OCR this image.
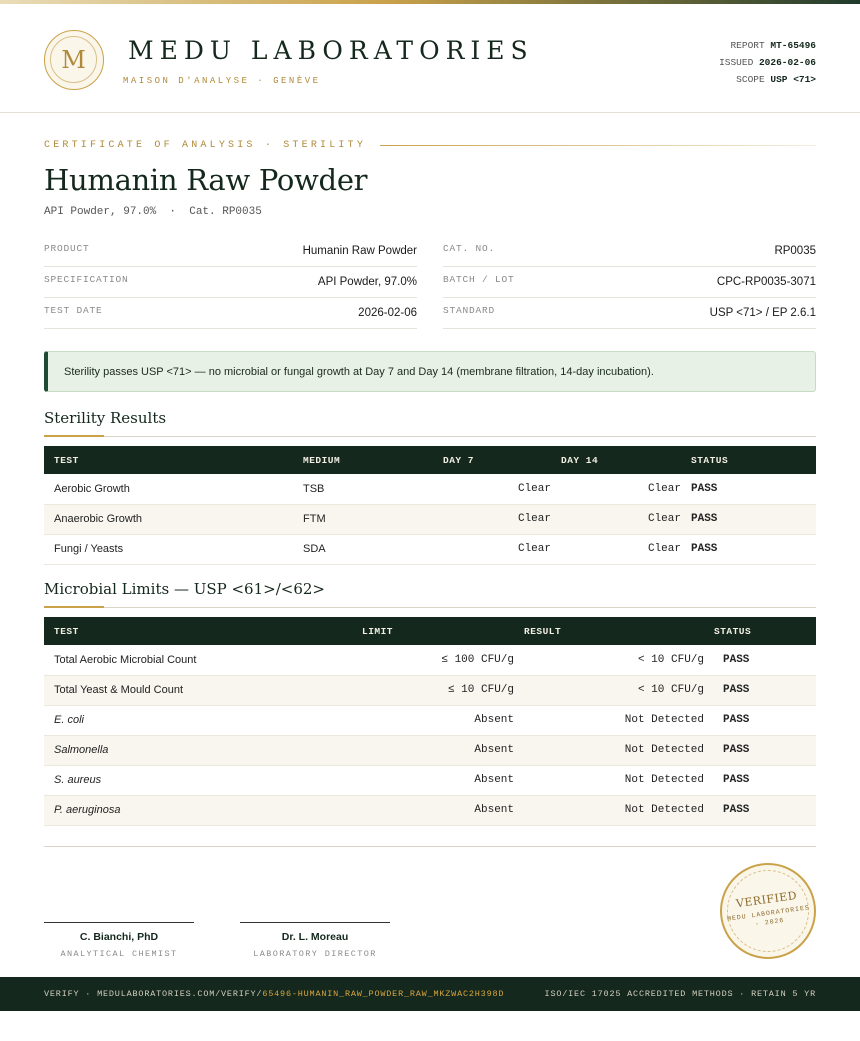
M	MEDU LABORATORIES
MAISON D'ANALYSE · GENÈVE
REPORT MT-65496
ISSUED 2026-02-06
SCOPE USP <71>
CERTIFICATE OF ANALYSIS · STERILITY
Humanin Raw Powder
API Powder, 97.0%  ·  Cat. RP0035
PRODUCT	Humanin Raw Powder
SPECIFICATION	API Powder, 97.0%
TEST DATE	2026-02-06
CAT. NO.	RP0035
BATCH / LOT	CPC-RP0035-3071
STANDARD	USP <71> / EP 2.6.1
Sterility passes USP <71> — no microbial or fungal growth at Day 7 and Day 14 (membrane filtration, 14-day incubation).
Sterility Results
TEST	MEDIUM	DAY 7	DAY 14	STATUS
Aerobic Growth	TSB	Clear	Clear	PASS
Anaerobic Growth	FTM	Clear	Clear	PASS
Fungi / Yeasts	SDA	Clear	Clear	PASS
Microbial Limits — USP <61>/<62>
TEST	LIMIT	RESULT	STATUS
Total Aerobic Microbial Count	≤ 100 CFU/g	< 10 CFU/g	PASS
Total Yeast & Mould Count	≤ 10 CFU/g	< 10 CFU/g	PASS
E. coli	Absent	Not Detected	PASS
Salmonella	Absent	Not Detected	PASS
S. aureus	Absent	Not Detected	PASS
P. aeruginosa	Absent	Not Detected	PASS
C. Bianchi, PhD
ANALYTICAL CHEMIST
Dr. L. Moreau
LABORATORY DIRECTOR
VERIFIED
MEDU LABORATORIES · 2026
VERIFY · MEDULABORATORIES.COM/VERIFY/ 65496-HUMANIN_RAW_POWDER_RAW_MKZWAC2H398D	ISO/IEC 17025 ACCREDITED METHODS · RETAIN 5 YR
